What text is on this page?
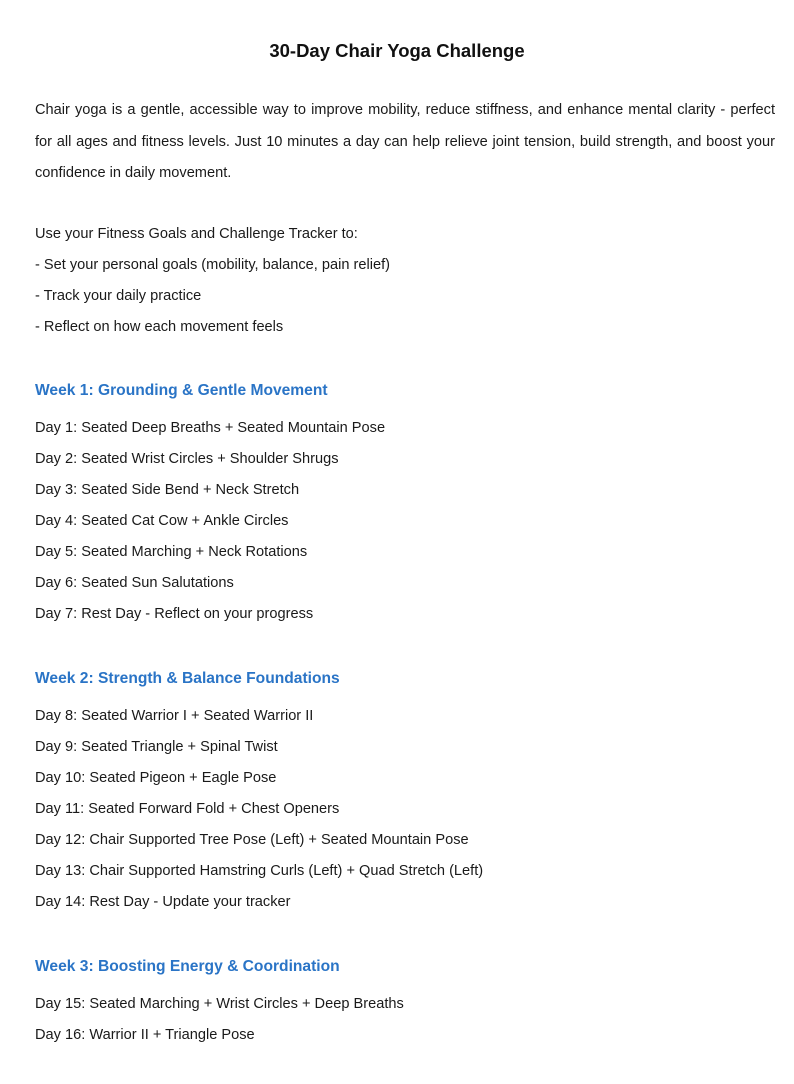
30-Day Chair Yoga Challenge

Chair yoga is a gentle, accessible way to improve mobility, reduce stiffness, and enhance mental clarity - perfect for all ages and fitness levels. Just 10 minutes a day can help relieve joint tension, build strength, and boost your confidence in daily movement.

Use your Fitness Goals and Challenge Tracker to:
- Set your personal goals (mobility, balance, pain relief)
- Track your daily practice
- Reflect on how each movement feels
Week 1: Grounding & Gentle Movement
Day 1: Seated Deep Breaths + Seated Mountain Pose
Day 2: Seated Wrist Circles + Shoulder Shrugs
Day 3: Seated Side Bend + Neck Stretch
Day 4: Seated Cat Cow + Ankle Circles
Day 5: Seated Marching + Neck Rotations
Day 6: Seated Sun Salutations
Day 7: Rest Day - Reflect on your progress
Week 2: Strength & Balance Foundations
Day 8: Seated Warrior I + Seated Warrior II
Day 9: Seated Triangle + Spinal Twist
Day 10: Seated Pigeon + Eagle Pose
Day 11: Seated Forward Fold + Chest Openers
Day 12: Chair Supported Tree Pose (Left) + Seated Mountain Pose
Day 13: Chair Supported Hamstring Curls (Left) + Quad Stretch (Left)
Day 14: Rest Day - Update your tracker
Week 3: Boosting Energy & Coordination
Day 15: Seated Marching + Wrist Circles + Deep Breaths
Day 16: Warrior II + Triangle Pose
